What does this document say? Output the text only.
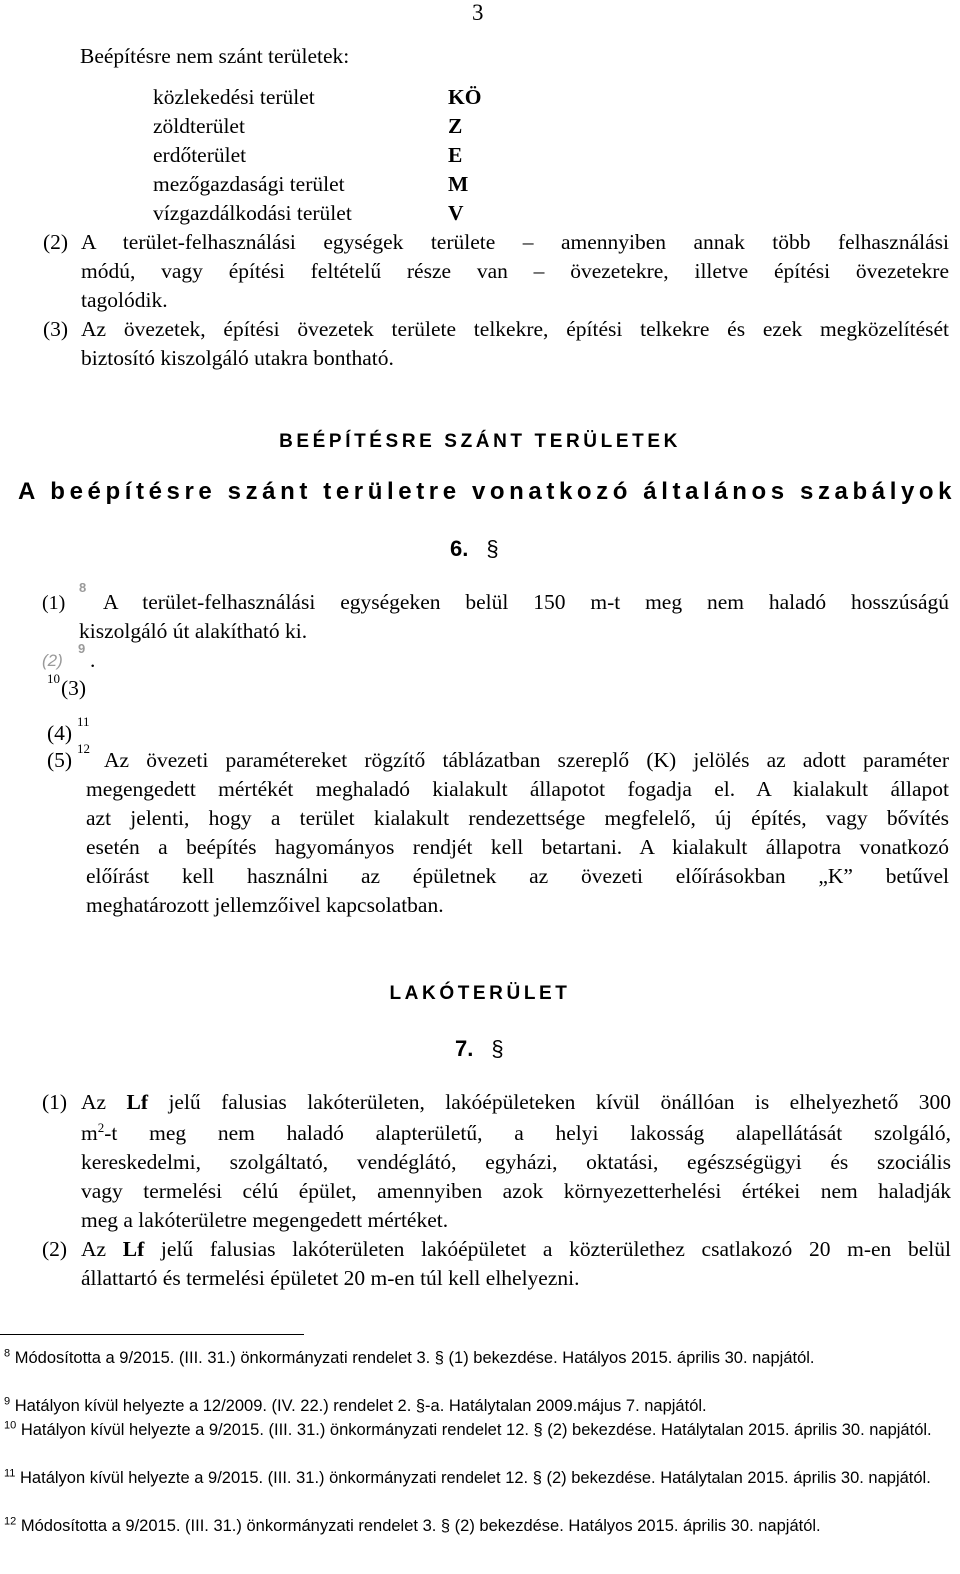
3
Beépítésre nem szánt területek:
közlekedési terület	KÖ
zöldterület	Z
erdőterület	E
mezőgazdasági terület	M
vízgazdálkodási terület	V
(2) A terület-felhasználási egységek területe – amennyiben annak több felhasználási
módú, vagy építési feltételű része van – övezetekre, illetve építési övezetekre
tagolódik.
(3) Az övezetek, építési övezetek területe telkekre, építési telkekre és ezek megközelítését
biztosító kiszolgáló utakra bontható.
BEÉPÍTÉSRE SZÁNT TERÜLETEK
A beépítésre szánt területre vonatkozó általános szabályok
6. §
(1)
8
A terület-felhasználási egységeken belül 150 m-t meg nem haladó hosszúságú
kiszolgáló út alakítható ki.
(2)
9 .
10 (3)
(4) 11
(5) 12 Az övezeti paramétereket rögzítő táblázatban szereplő (K) jelölés az adott paraméter
megengedett mértékét meghaladó kialakult állapotot fogadja el. A kialakult állapot
azt jelenti, hogy a terület kialakult rendezettsége megfelelő, új építés, vagy bővítés
esetén a beépítés hagyományos rendjét kell betartani. A kialakult állapotra vonatkozó
előírást kell használni az épületnek az övezeti előírásokban „K” betűvel
meghatározott jellemzőivel kapcsolatban.
LAKÓTERÜLET
7. §
(1) Az Lf jelű falusias lakóterületen, lakóépületeken kívül önállóan is elhelyezhető 300
$m^2-t$ meg nem haladó alapterületű, a helyi lakosság alapellátását szolgáló,
kereskedelmi, szolgáltató, vendéglátó, egyházi, oktatási, egészségügyi és szociális
vagy termelési célú épület, amennyiben azok környezetterhelési értékei nem haladják
meg a lakóterületre megengedett mértéket.
(2) Az Lf jelű falusias lakóterületen lakóépületet a közterülethez csatlakozó 20 m-en belül
állattartó és termelési épületet 20 m-en túl kell elhelyezni.
$^8$ Módosította a 9/2015. (III. 31.) önkormányzati rendelet 3. § (1) bekezdése. Hatályos 2015. április 30. napjától.
$^9$ Hatályon kívül helyezte a 12/2009. (IV. 22.) rendelet 2. §-a. Hatálytalan 2009.május 7. napjától.
$^{10}$ Hatályon kívül helyezte a 9/2015. (III. 31.) önkormányzati rendelet 12. § (2) bekezdése. Hatálytalan 2015. április 30. napjától.
$^{11}$ Hatályon kívül helyezte a 9/2015. (III. 31.) önkormányzati rendelet 12. § (2) bekezdése. Hatálytalan 2015. április 30. napjától.
$^{12}$ Módosította a 9/2015. (III. 31.) önkormányzati rendelet 3. § (2) bekezdése. Hatályos 2015. április 30. napjától.
